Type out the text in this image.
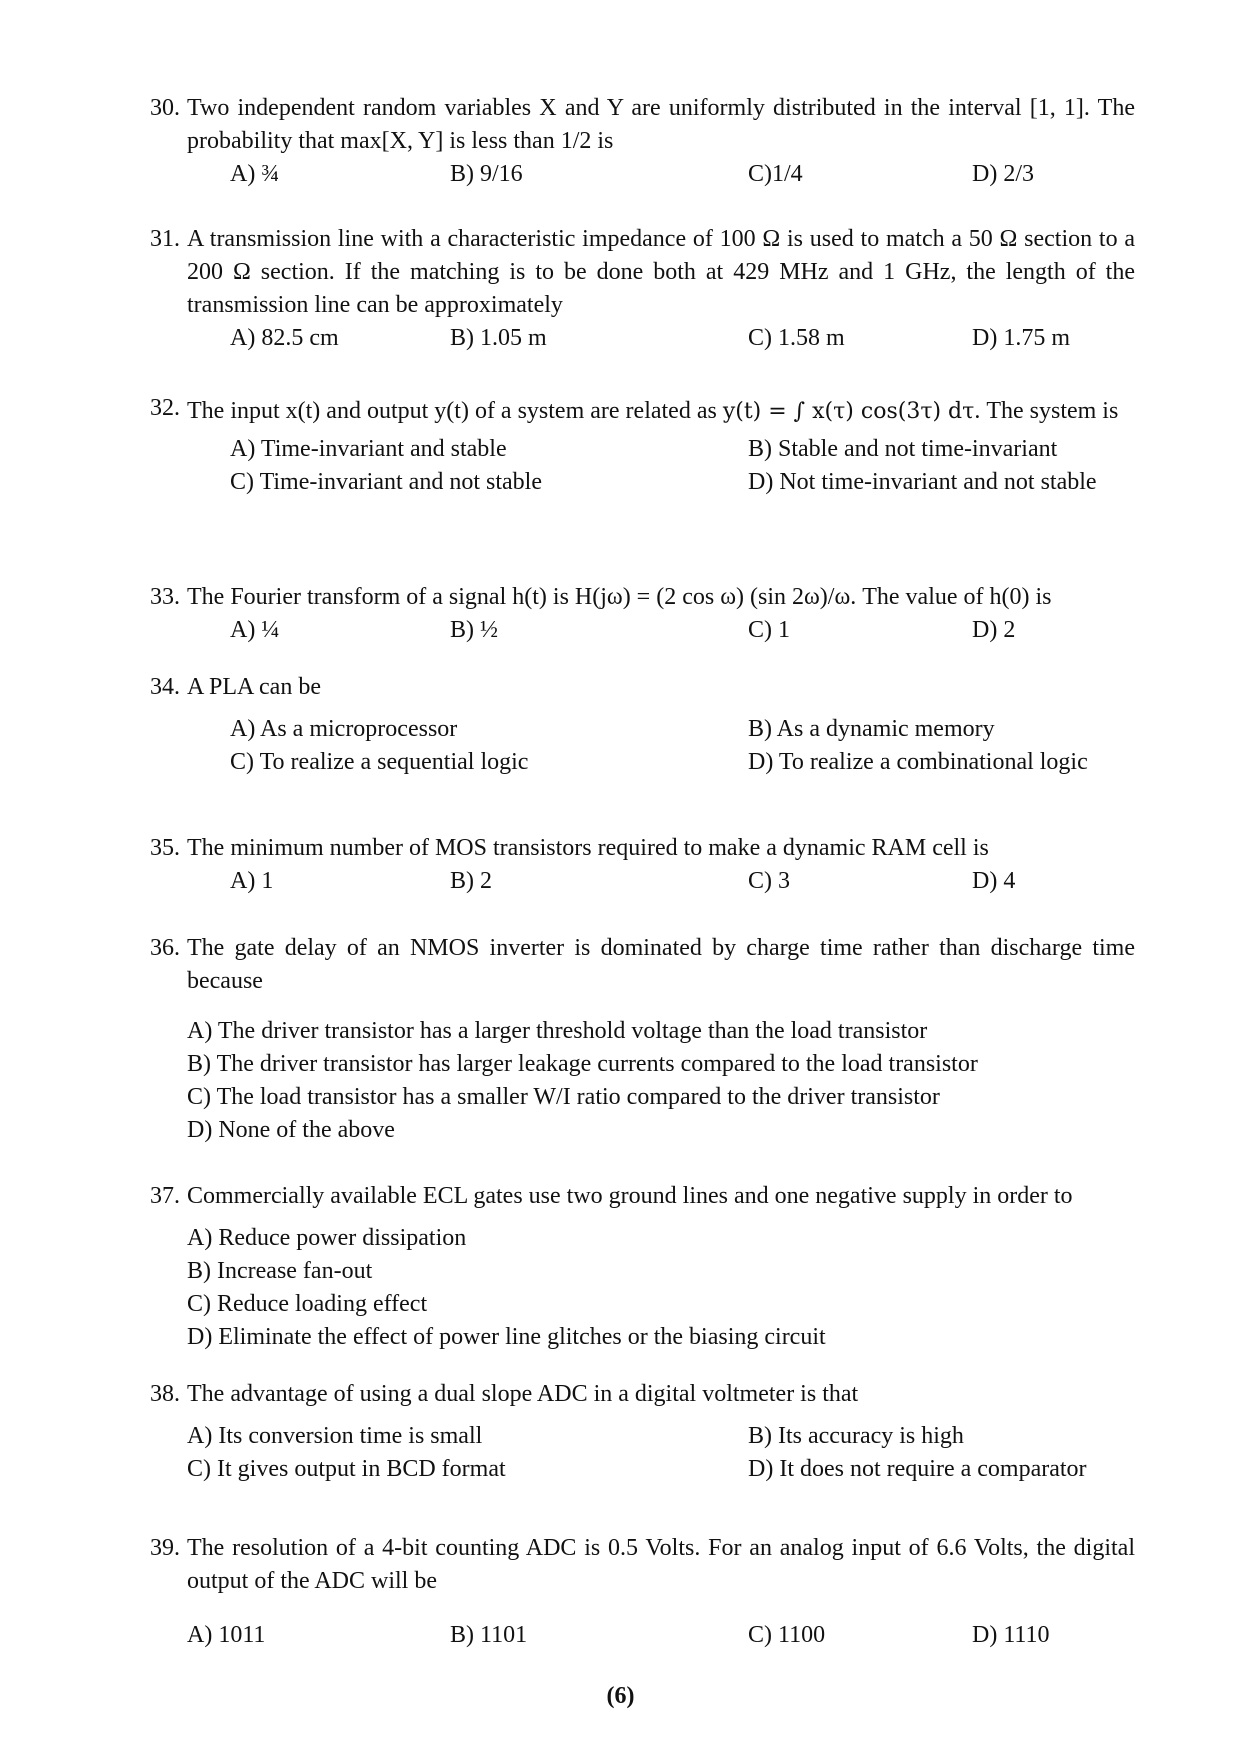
30. Two independent random variables X and Y are uniformly distributed in the interval [1, 1]. The probability that max[X, Y] is less than 1/2 is
A) ¾	B) 9/16	C)1/4	D) 2/3
31. A transmission line with a characteristic impedance of 100 Ω is used to match a 50 Ω section to a 200 Ω section. If the matching is to be done both at 429 MHz and 1 GHz, the length of the transmission line can be approximately
A) 82.5 cm	B) 1.05 m	C) 1.58 m	D) 1.75 m
32. The input x(t) and output y(t) of a system are related as y(t) = ∫ x(τ) cos(3τ) dτ. The system is
A) Time-invariant and stable	B) Stable and not time-invariant
C) Time-invariant and not stable	D) Not time-invariant and not stable
33. The Fourier transform of a signal h(t) is H(jω) = (2 cos ω) (sin 2ω)/ω. The value of h(0) is
A) ¼	B) ½	C) 1	D) 2
34. A PLA can be
A) As a microprocessor	B) As a dynamic memory
C) To realize a sequential logic	D) To realize a combinational logic
35. The minimum number of MOS transistors required to make a dynamic RAM cell is
A) 1	B) 2	C) 3	D) 4
36. The gate delay of an NMOS inverter is dominated by charge time rather than discharge time because
A) The driver transistor has a larger threshold voltage than the load transistor
B) The driver transistor has larger leakage currents compared to the load transistor
C) The load transistor has a smaller W/I ratio compared to the driver transistor
D) None of the above
37. Commercially available ECL gates use two ground lines and one negative supply in order to
A) Reduce power dissipation
B) Increase fan-out
C) Reduce loading effect
D) Eliminate the effect of power line glitches or the biasing circuit
38. The advantage of using a dual slope ADC in a digital voltmeter is that
A) Its conversion time is small	B) Its accuracy is high
C) It gives output in BCD format	D) It does not require a comparator
39. The resolution of a 4-bit counting ADC is 0.5 Volts. For an analog input of 6.6 Volts, the digital output of the ADC will be
A) 1011	B) 1101	C) 1100	D) 1110
(6)
